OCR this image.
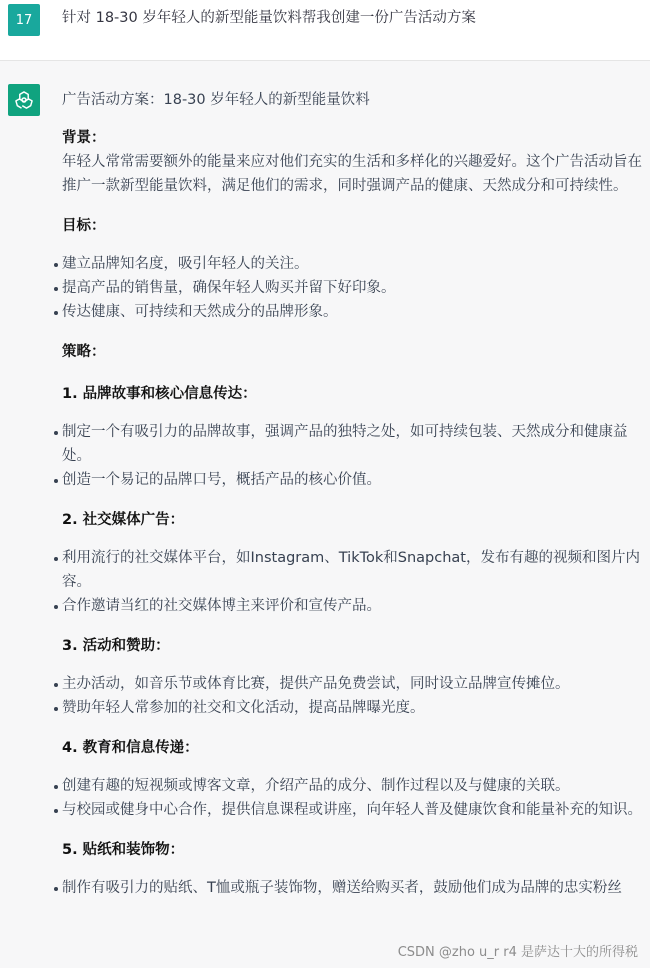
17	针对 18-30 岁年轻人的新型能量饮料帮我创建一份广告活动方案

广告活动方案：18-30 岁年轻人的新型能量饮料

背景：

年轻人常常需要额外的能量来应对他们充实的生活和多样化的兴趣爱好。这个广告活动旨在

推广一款新型能量饮料，满足他们的需求，同时强调产品的健康、天然成分和可持续性。

目标：
建立品牌知名度，吸引年轻人的关注。
提高产品的销售量，确保年轻人购买并留下好印象。
传达健康、可持续和天然成分的品牌形象。
策略：
1. 品牌故事和核心信息传达：
制定一个有吸引力的品牌故事，强调产品的独特之处，如可持续包装、天然成分和健康益
处。
创造一个易记的品牌口号，概括产品的核心价值。
2. 社交媒体广告：
利用流行的社交媒体平台，如Instagram、TikTok和Snapchat，发布有趣的视频和图片内
容。
合作邀请当红的社交媒体博主来评价和宣传产品。
3. 活动和赞助：
主办活动，如音乐节或体育比赛，提供产品免费尝试，同时设立品牌宣传摊位。
赞助年轻人常参加的社交和文化活动，提高品牌曝光度。
4. 教育和信息传递：
创建有趣的短视频或博客文章，介绍产品的成分、制作过程以及与健康的关联。
与校园或健身中心合作，提供信息课程或讲座，向年轻人普及健康饮食和能量补充的知识。
5. 贴纸和装饰物：
制作有吸引力的贴纸、T恤或瓶子装饰物，赠送给购买者，鼓励他们成为品牌的忠实粉丝
CSDN @zho u_r r4 是萨达十大的所得税
